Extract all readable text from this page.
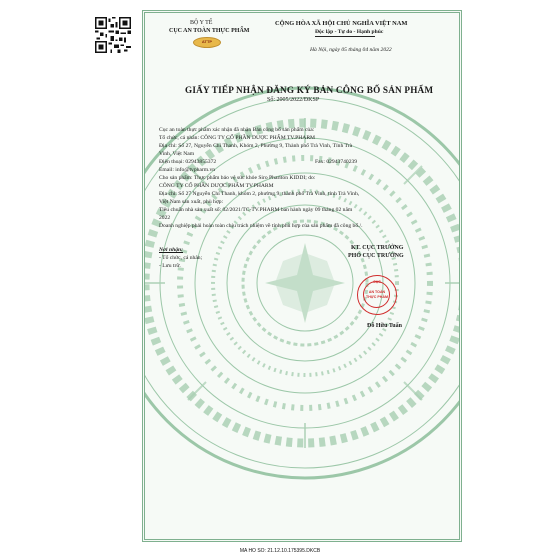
BỘ Y TẾ
CỤC AN TOÀN THỰC PHẨM
ATTP
CỘNG HÒA XÃ HỘI CHỦ NGHĨA VIỆT NAM
Độc lập - Tự do - Hạnh phúc
Hà Nội, ngày 05 tháng 04 năm 2022
GIẤY TIẾP NHẬN ĐĂNG KÝ BẢN CÔNG BỐ SẢN PHẨM
Số: 2005/2022/ĐKSP
Cục an toàn thực phẩm xác nhận đã nhận Bản công bố sản phẩm của:
Tổ chức, cá nhân: CÔNG TY CỔ PHẦN DƯỢC PHẨM TV.PHARM
Địa chỉ: Số 27, Nguyễn Chí Thanh, Khóm 2, Phường 9, Thành phố Trà Vinh, Tỉnh Trà
Vinh, Việt Nam
Điện thoại: 02943855372	Fax: 02943740239
Email: info@tvpharm.vn
Cho sản phẩm: Thực phẩm bảo vệ sức khỏe Siro Phariton KIDDI; do:
CÔNG TY CỔ PHẦN DƯỢC PHẨM TV.PHARM
Địa chỉ: Số 27 Nguyễn Chí Thanh, khóm 2, phường 9, thành phố Trà Vinh, tỉnh Trà Vinh,
Việt Nam sản xuất, phù hợp:
Tiêu chuẩn nhà sản xuất số: 02/2021/TC-TV.PHARM ban hành ngày 09 tháng 02 năm
2022
Doanh nghiệp phải hoàn toàn chịu trách nhiệm về tính phù hợp của sản phẩm đã công bố./.
Nơi nhận:
- Tổ chức, cá nhân;
- Lưu trữ.
KT. CỤC TRƯỞNG
PHÓ CỤC TRƯỞNG
CỤC
AN TOÀN
THỰC PHẨM
Đỗ Hữu Tuấn
MA HO SO: 21.12.10.175395.DKCB
